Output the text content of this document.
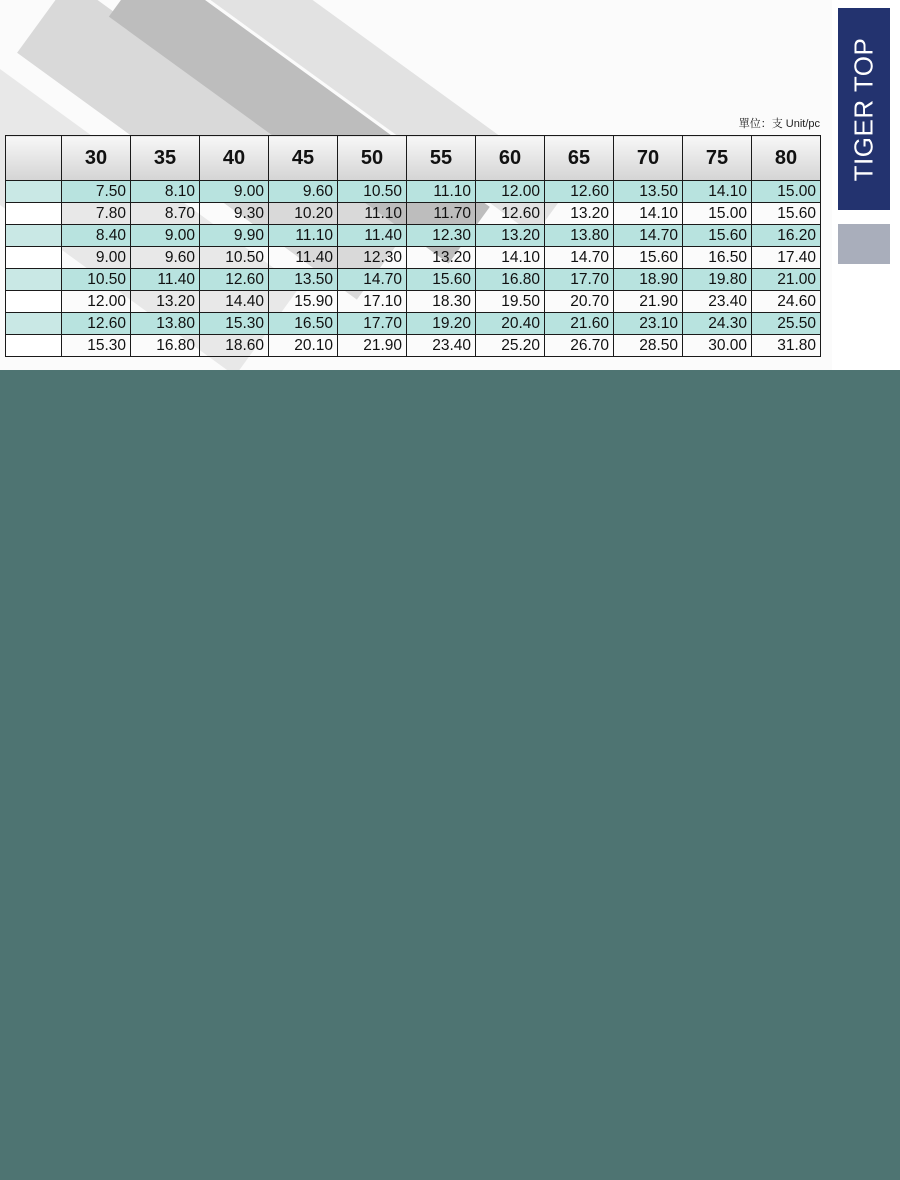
TIGER TOP
單位：支 Unit/pc
	30	35	40	45	50	55	60	65	70	75	80
	7.50	8.10	9.00	9.60	10.50	11.10	12.00	12.60	13.50	14.10	15.00
	7.80	8.70	9.30	10.20	11.10	11.70	12.60	13.20	14.10	15.00	15.60
	8.40	9.00	9.90	11.10	11.40	12.30	13.20	13.80	14.70	15.60	16.20
	9.00	9.60	10.50	11.40	12.30	13.20	14.10	14.70	15.60	16.50	17.40
	10.50	11.40	12.60	13.50	14.70	15.60	16.80	17.70	18.90	19.80	21.00
	12.00	13.20	14.40	15.90	17.10	18.30	19.50	20.70	21.90	23.40	24.60
	12.60	13.80	15.30	16.50	17.70	19.20	20.40	21.60	23.10	24.30	25.50
	15.30	16.80	18.60	20.10	21.90	23.40	25.20	26.70	28.50	30.00	31.80
